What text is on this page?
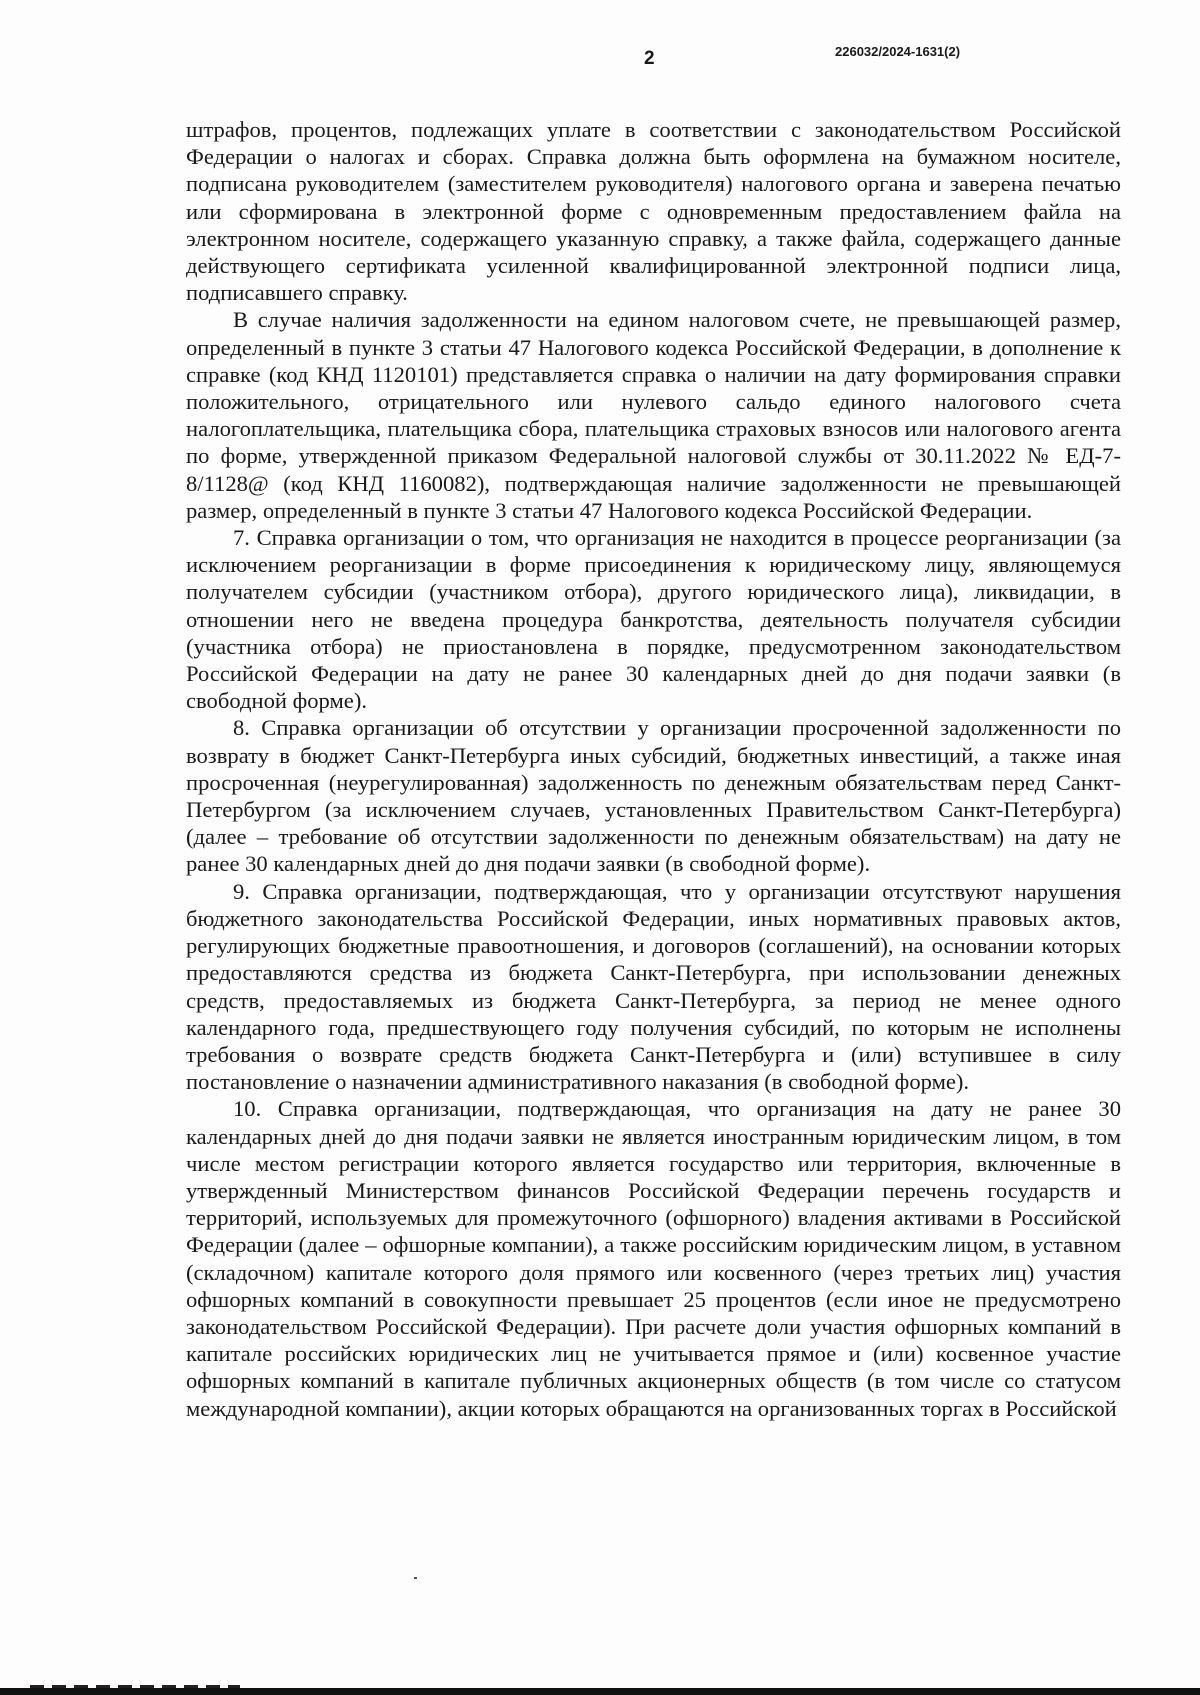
2	226032/2024-1631(2)

штрафов, процентов, подлежащих уплате в соответствии с законодательством Российской Федерации о налогах и сборах. Справка должна быть оформлена на бумажном носителе, подписана руководителем (заместителем руководителя) налогового органа и заверена печатью или сформирована в электронной форме с одновременным предоставлением файла на электронном носителе, содержащего указанную справку, а также файла, содержащего данные действующего сертификата усиленной квалифицированной электронной подписи лица, подписавшего справку.

В случае наличия задолженности на едином налоговом счете, не превышающей размер, определенный в пункте 3 статьи 47 Налогового кодекса Российской Федерации, в дополнение к справке (код КНД 1120101) представляется справка о наличии на дату формирования справки положительного, отрицательного или нулевого сальдо единого налогового счета налогоплательщика, плательщика сбора, плательщика страховых взносов или налогового агента по форме, утвержденной приказом Федеральной налоговой службы от 30.11.2022 № ЕД-7-8/1128@ (код КНД 1160082), подтверждающая наличие задолженности не превышающей размер, определенный в пункте 3 статьи 47 Налогового кодекса Российской Федерации.

7. Справка организации о том, что организация не находится в процессе реорганизации (за исключением реорганизации в форме присоединения к юридическому лицу, являющемуся получателем субсидии (участником отбора), другого юридического лица), ликвидации, в отношении него не введена процедура банкротства, деятельность получателя субсидии (участника отбора) не приостановлена в порядке, предусмотренном законодательством Российской Федерации на дату не ранее 30 календарных дней до дня подачи заявки (в свободной форме).

8. Справка организации об отсутствии у организации просроченной задолженности по возврату в бюджет Санкт-Петербурга иных субсидий, бюджетных инвестиций, а также иная просроченная (неурегулированная) задолженность по денежным обязательствам перед Санкт-Петербургом (за исключением случаев, установленных Правительством Санкт-Петербурга) (далее – требование об отсутствии задолженности по денежным обязательствам) на дату не ранее 30 календарных дней до дня подачи заявки (в свободной форме).

9. Справка организации, подтверждающая, что у организации отсутствуют нарушения бюджетного законодательства Российской Федерации, иных нормативных правовых актов, регулирующих бюджетные правоотношения, и договоров (соглашений), на основании которых предоставляются средства из бюджета Санкт-Петербурга, при использовании денежных средств, предоставляемых из бюджета Санкт-Петербурга, за период не менее одного календарного года, предшествующего году получения субсидий, по которым не исполнены требования о возврате средств бюджета Санкт-Петербурга и (или) вступившее в силу постановление о назначении административного наказания (в свободной форме).

10. Справка организации, подтверждающая, что организация на дату не ранее 30 календарных дней до дня подачи заявки не является иностранным юридическим лицом, в том числе местом регистрации которого является государство или территория, включенные в утвержденный Министерством финансов Российской Федерации перечень государств и территорий, используемых для промежуточного (офшорного) владения активами в Российской Федерации (далее – офшорные компании), а также российским юридическим лицом, в уставном (складочном) капитале которого доля прямого или косвенного (через третьих лиц) участия офшорных компаний в совокупности превышает 25 процентов (если иное не предусмотрено законодательством Российской Федерации). При расчете доли участия офшорных компаний в капитале российских юридических лиц не учитывается прямое и (или) косвенное участие офшорных компаний в капитале публичных акционерных обществ (в том числе со статусом международной компании), акции которых обращаются на организованных торгах в Российской
